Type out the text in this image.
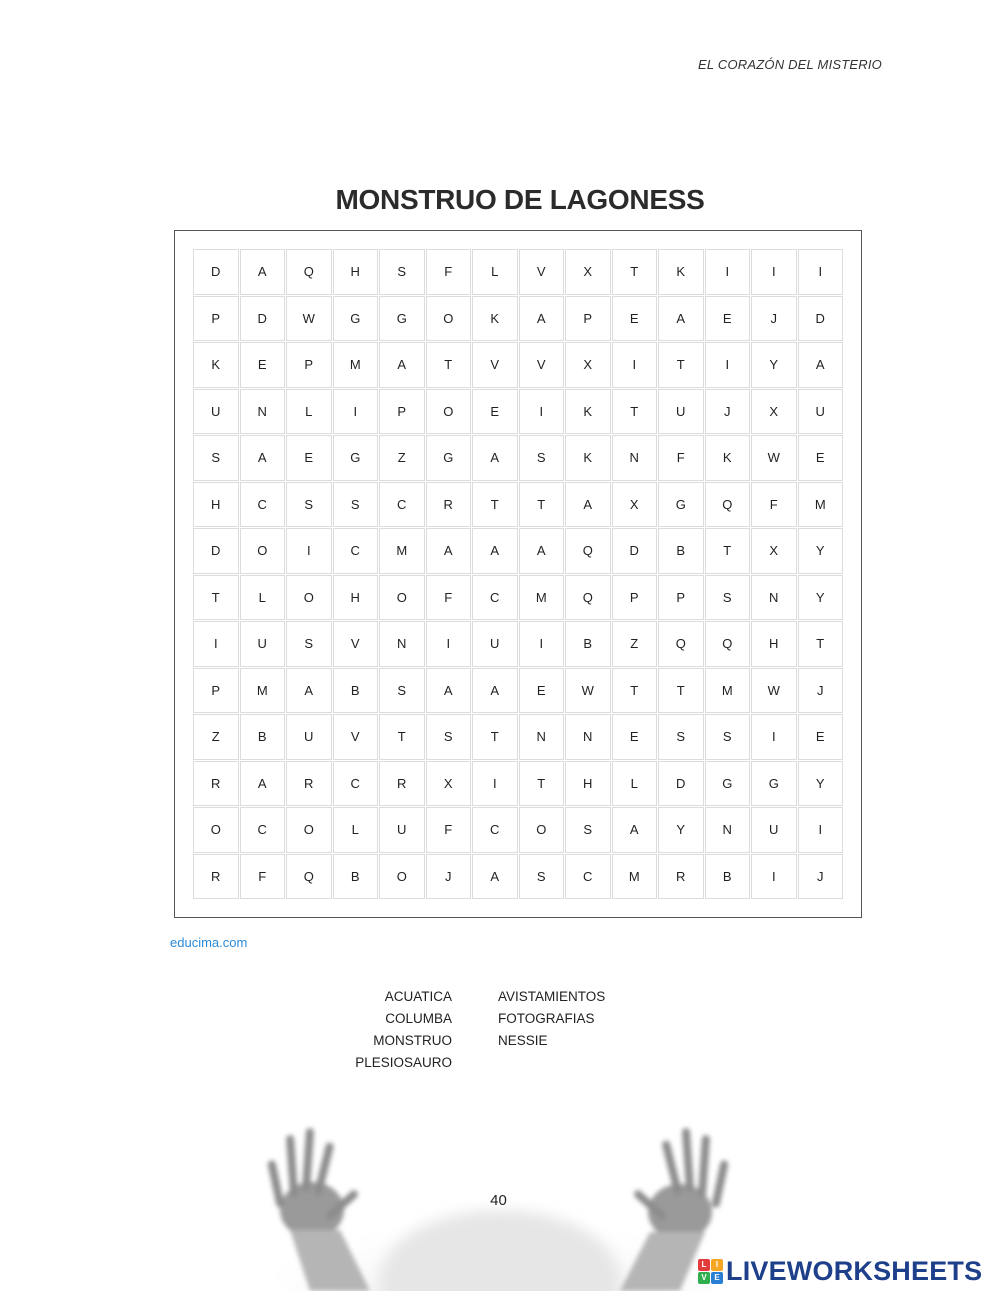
EL CORAZÓN DEL MISTERIO
MONSTRUO DE LAGONESS
D	A	Q	H	S	F	L	V	X	T	K	I	I	I
P	D	W	G	G	O	K	A	P	E	A	E	J	D
K	E	P	M	A	T	V	V	X	I	T	I	Y	A
U	N	L	I	P	O	E	I	K	T	U	J	X	U
S	A	E	G	Z	G	A	S	K	N	F	K	W	E
H	C	S	S	C	R	T	T	A	X	G	Q	F	M
D	O	I	C	M	A	A	A	Q	D	B	T	X	Y
T	L	O	H	O	F	C	M	Q	P	P	S	N	Y
I	U	S	V	N	I	U	I	B	Z	Q	Q	H	T
P	M	A	B	S	A	A	E	W	T	T	M	W	J
Z	B	U	V	T	S	T	N	N	E	S	S	I	E
R	A	R	C	R	X	I	T	H	L	D	G	G	Y
O	C	O	L	U	F	C	O	S	A	Y	N	U	I
R	F	Q	B	O	J	A	S	C	M	R	B	I	J
educima.com
ACUATICA
COLUMBA
MONSTRUO
PLESIOSAURO
AVISTAMIENTOS
FOTOGRAFIAS
NESSIE
40
L	I
V E LIVEWORKSHEETS
